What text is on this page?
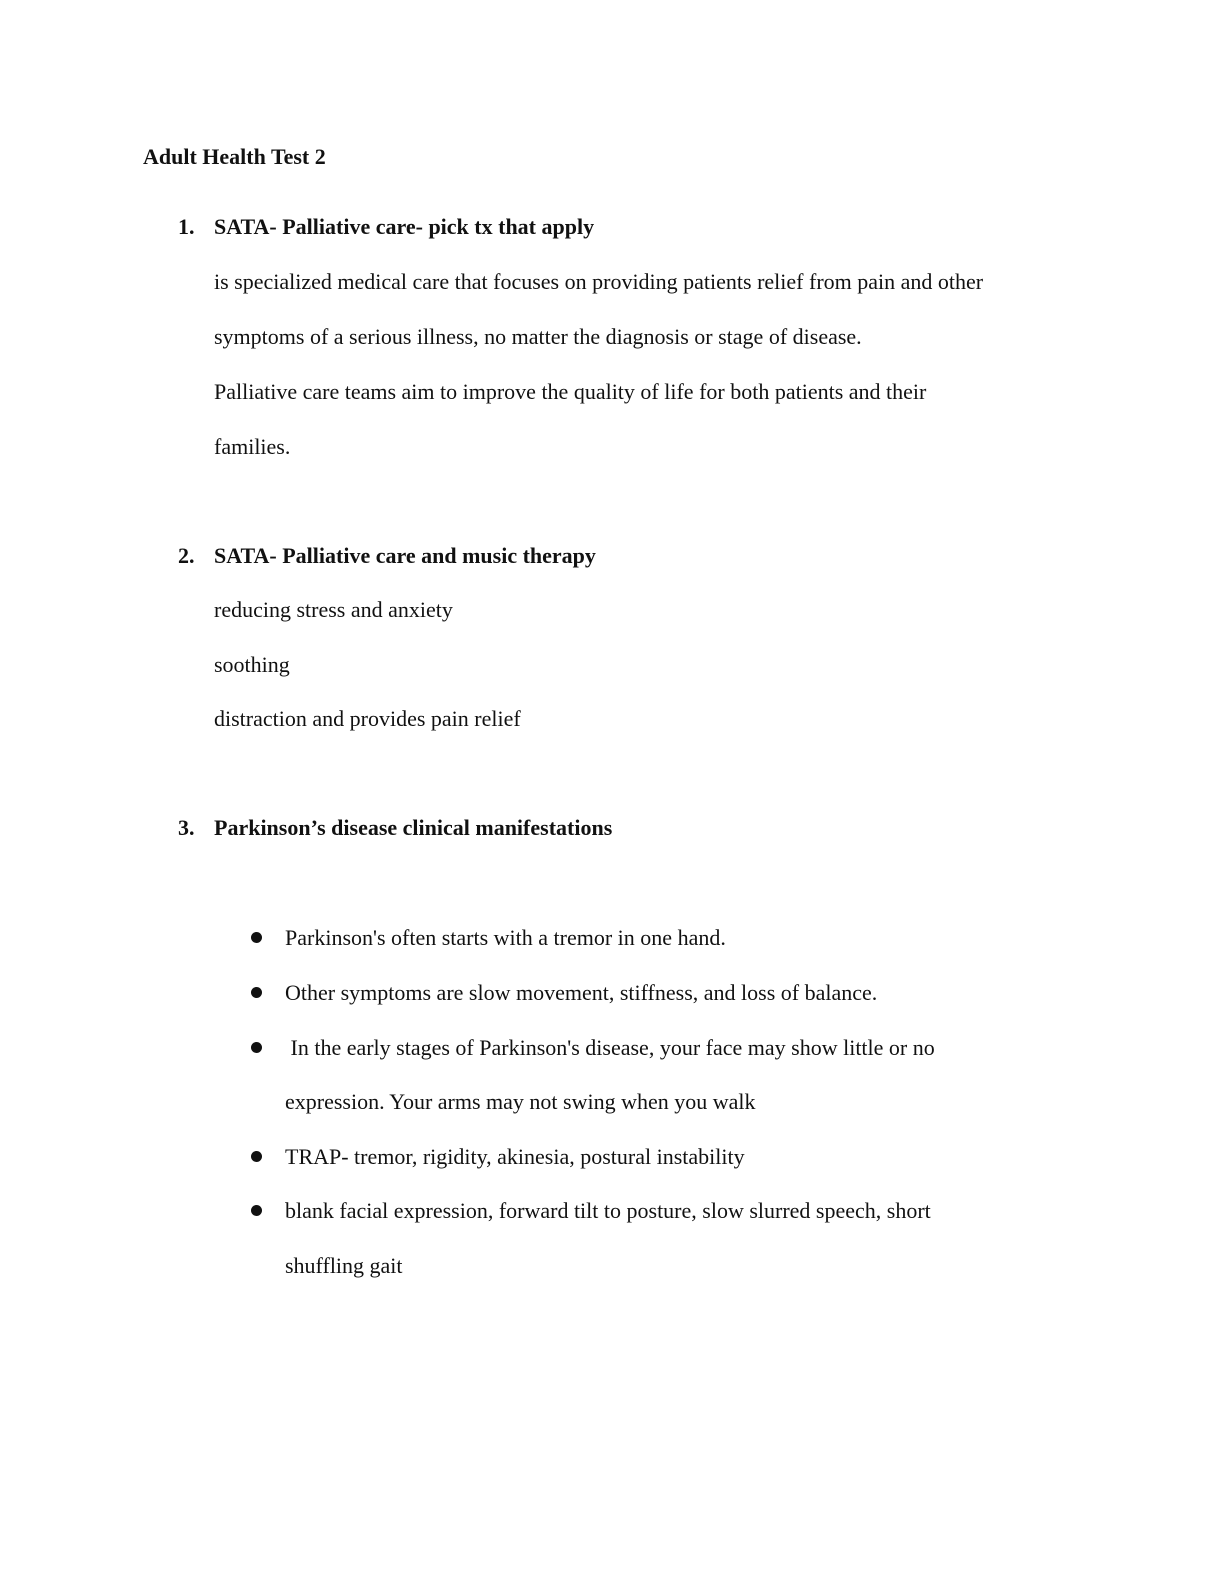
Adult Health Test 2
1. SATA- Palliative care- pick tx that apply
is specialized medical care that focuses on providing patients relief from pain and other
symptoms of a serious illness, no matter the diagnosis or stage of disease.
Palliative care teams aim to improve the quality of life for both patients and their
families.
2. SATA- Palliative care and music therapy
reducing stress and anxiety
soothing
distraction and provides pain relief
3. Parkinson’s disease clinical manifestations
Parkinson's often starts with a tremor in one hand.
Other symptoms are slow movement, stiffness, and loss of balance.
In the early stages of Parkinson's disease, your face may show little or no
expression. Your arms may not swing when you walk
TRAP- tremor, rigidity, akinesia, postural instability
blank facial expression, forward tilt to posture, slow slurred speech, short
shuffling gait
